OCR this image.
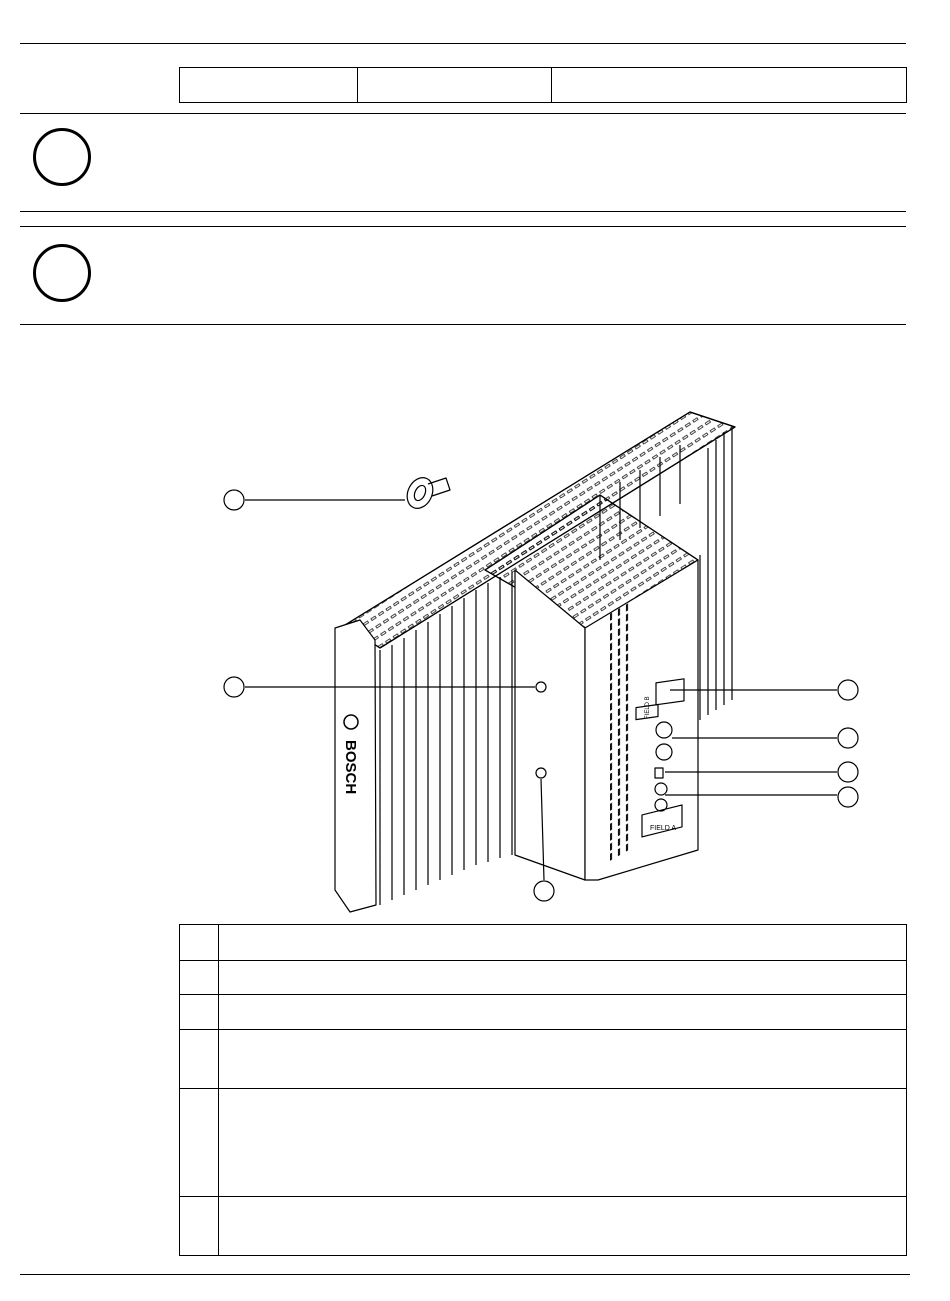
BOSCH
FIELD B
FIELD A
